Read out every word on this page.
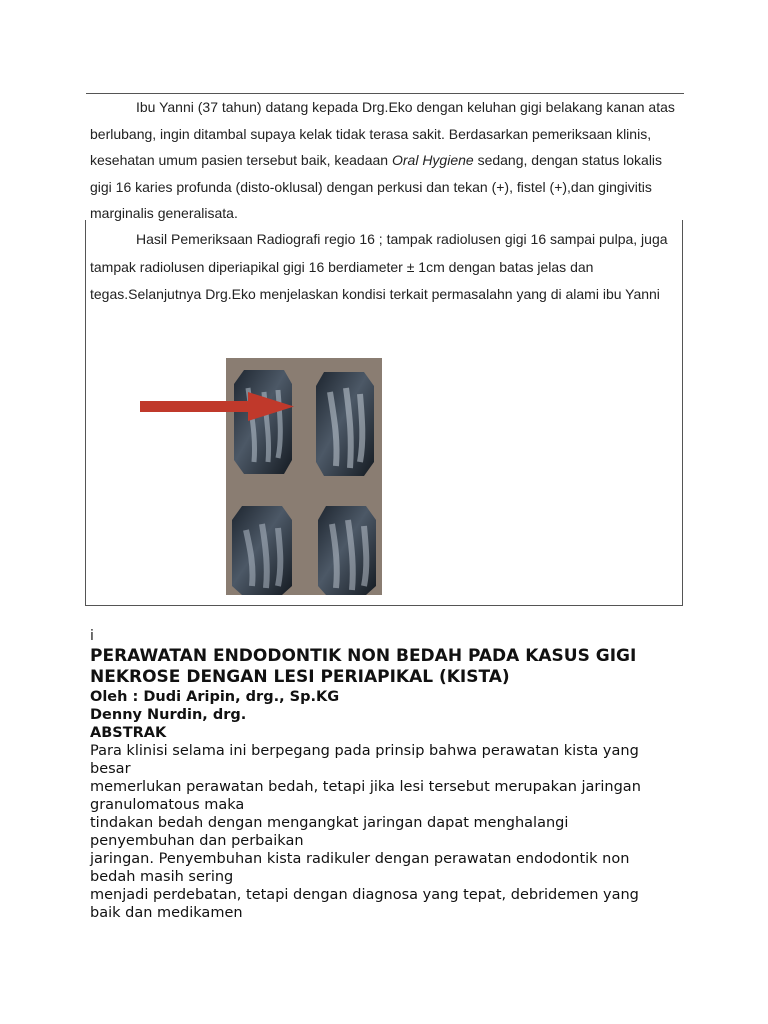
Ibu Yanni (37 tahun) datang kepada Drg.Eko dengan keluhan gigi belakang kanan atas berlubang, ingin ditambal supaya kelak tidak terasa sakit. Berdasarkan pemeriksaan klinis, kesehatan umum pasien tersebut baik, keadaan Oral Hygiene sedang, dengan status lokalis gigi 16 karies profunda (disto-oklusal) dengan perkusi dan tekan (+), fistel (+),dan gingivitis marginalis generalisata.
Hasil Pemeriksaan Radiografi regio 16 ; tampak radiolusen gigi 16 sampai pulpa, juga tampak radiolusen diperiapikal gigi 16 berdiameter ± 1cm dengan batas jelas dan tegas.Selanjutnya Drg.Eko menjelaskan kondisi terkait permasalahn yang di alami ibu Yanni
i
PERAWATAN ENDODONTIK NON BEDAH PADA KASUS GIGI
NEKROSE DENGAN LESI PERIAPIKAL (KISTA)
Oleh : Dudi Aripin, drg., Sp.KG
Denny Nurdin, drg.
ABSTRAK
Para klinisi selama ini berpegang pada prinsip bahwa perawatan kista yang
besar
memerlukan perawatan bedah, tetapi jika lesi tersebut merupakan jaringan
granulomatous maka
tindakan bedah dengan mengangkat jaringan dapat menghalangi
penyembuhan dan perbaikan
jaringan. Penyembuhan kista radikuler dengan perawatan endodontik non
bedah masih sering
menjadi perdebatan, tetapi dengan diagnosa yang tepat, debridemen yang
baik dan medikamen
